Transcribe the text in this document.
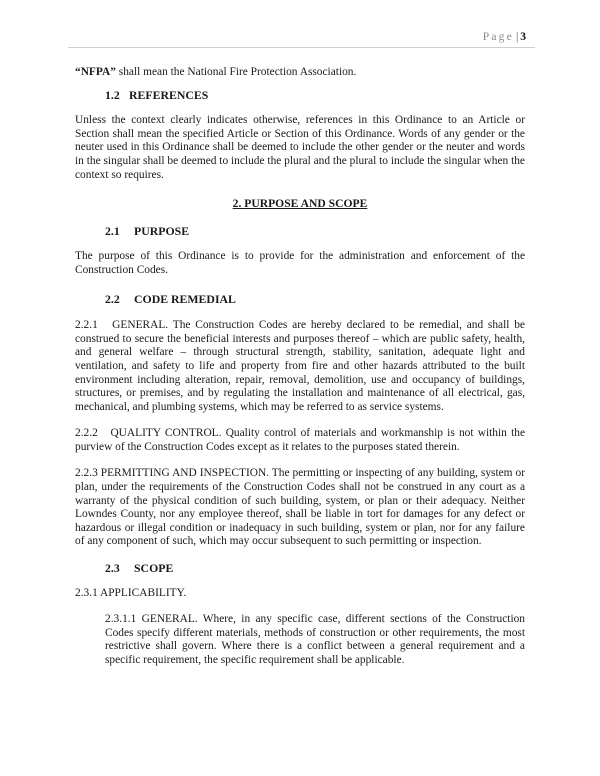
Page | 3

“NFPA” shall mean the National Fire Protection Association.

1.2 REFERENCES

Unless the context clearly indicates otherwise, references in this Ordinance to an Article or Section shall mean the specified Article or Section of this Ordinance. Words of any gender or the neuter used in this Ordinance shall be deemed to include the other gender or the neuter and words in the singular shall be deemed to include the plural and the plural to include the singular when the context so requires.

2. PURPOSE AND SCOPE
2.1 PURPOSE

The purpose of this Ordinance is to provide for the administration and enforcement of the Construction Codes.

2.2 CODE REMEDIAL

2.2.1   GENERAL. The Construction Codes are hereby declared to be remedial, and shall be construed to secure the beneficial interests and purposes thereof – which are public safety, health, and general welfare – through structural strength, stability, sanitation, adequate light and ventilation, and safety to life and property from fire and other hazards attributed to the built environment including alteration, repair, removal, demolition, use and occupancy of buildings, structures, or premises, and by regulating the installation and maintenance of all electrical, gas, mechanical, and plumbing systems, which may be referred to as service systems.

2.2.2   QUALITY CONTROL. Quality control of materials and workmanship is not within the purview of the Construction Codes except as it relates to the purposes stated therein.

2.2.3 PERMITTING AND INSPECTION. The permitting or inspecting of any building, system or plan, under the requirements of the Construction Codes shall not be construed in any court as a warranty of the physical condition of such building, system, or plan or their adequacy. Neither Lowndes County, nor any employee thereof, shall be liable in tort for damages for any defect or hazardous or illegal condition or inadequacy in such building, system or plan, nor for any failure of any component of such, which may occur subsequent to such permitting or inspection.

2.3 SCOPE

2.3.1 APPLICABILITY.

2.3.1.1 GENERAL. Where, in any specific case, different sections of the Construction Codes specify different materials, methods of construction or other requirements, the most restrictive shall govern. Where there is a conflict between a general requirement and a specific requirement, the specific requirement shall be applicable.
